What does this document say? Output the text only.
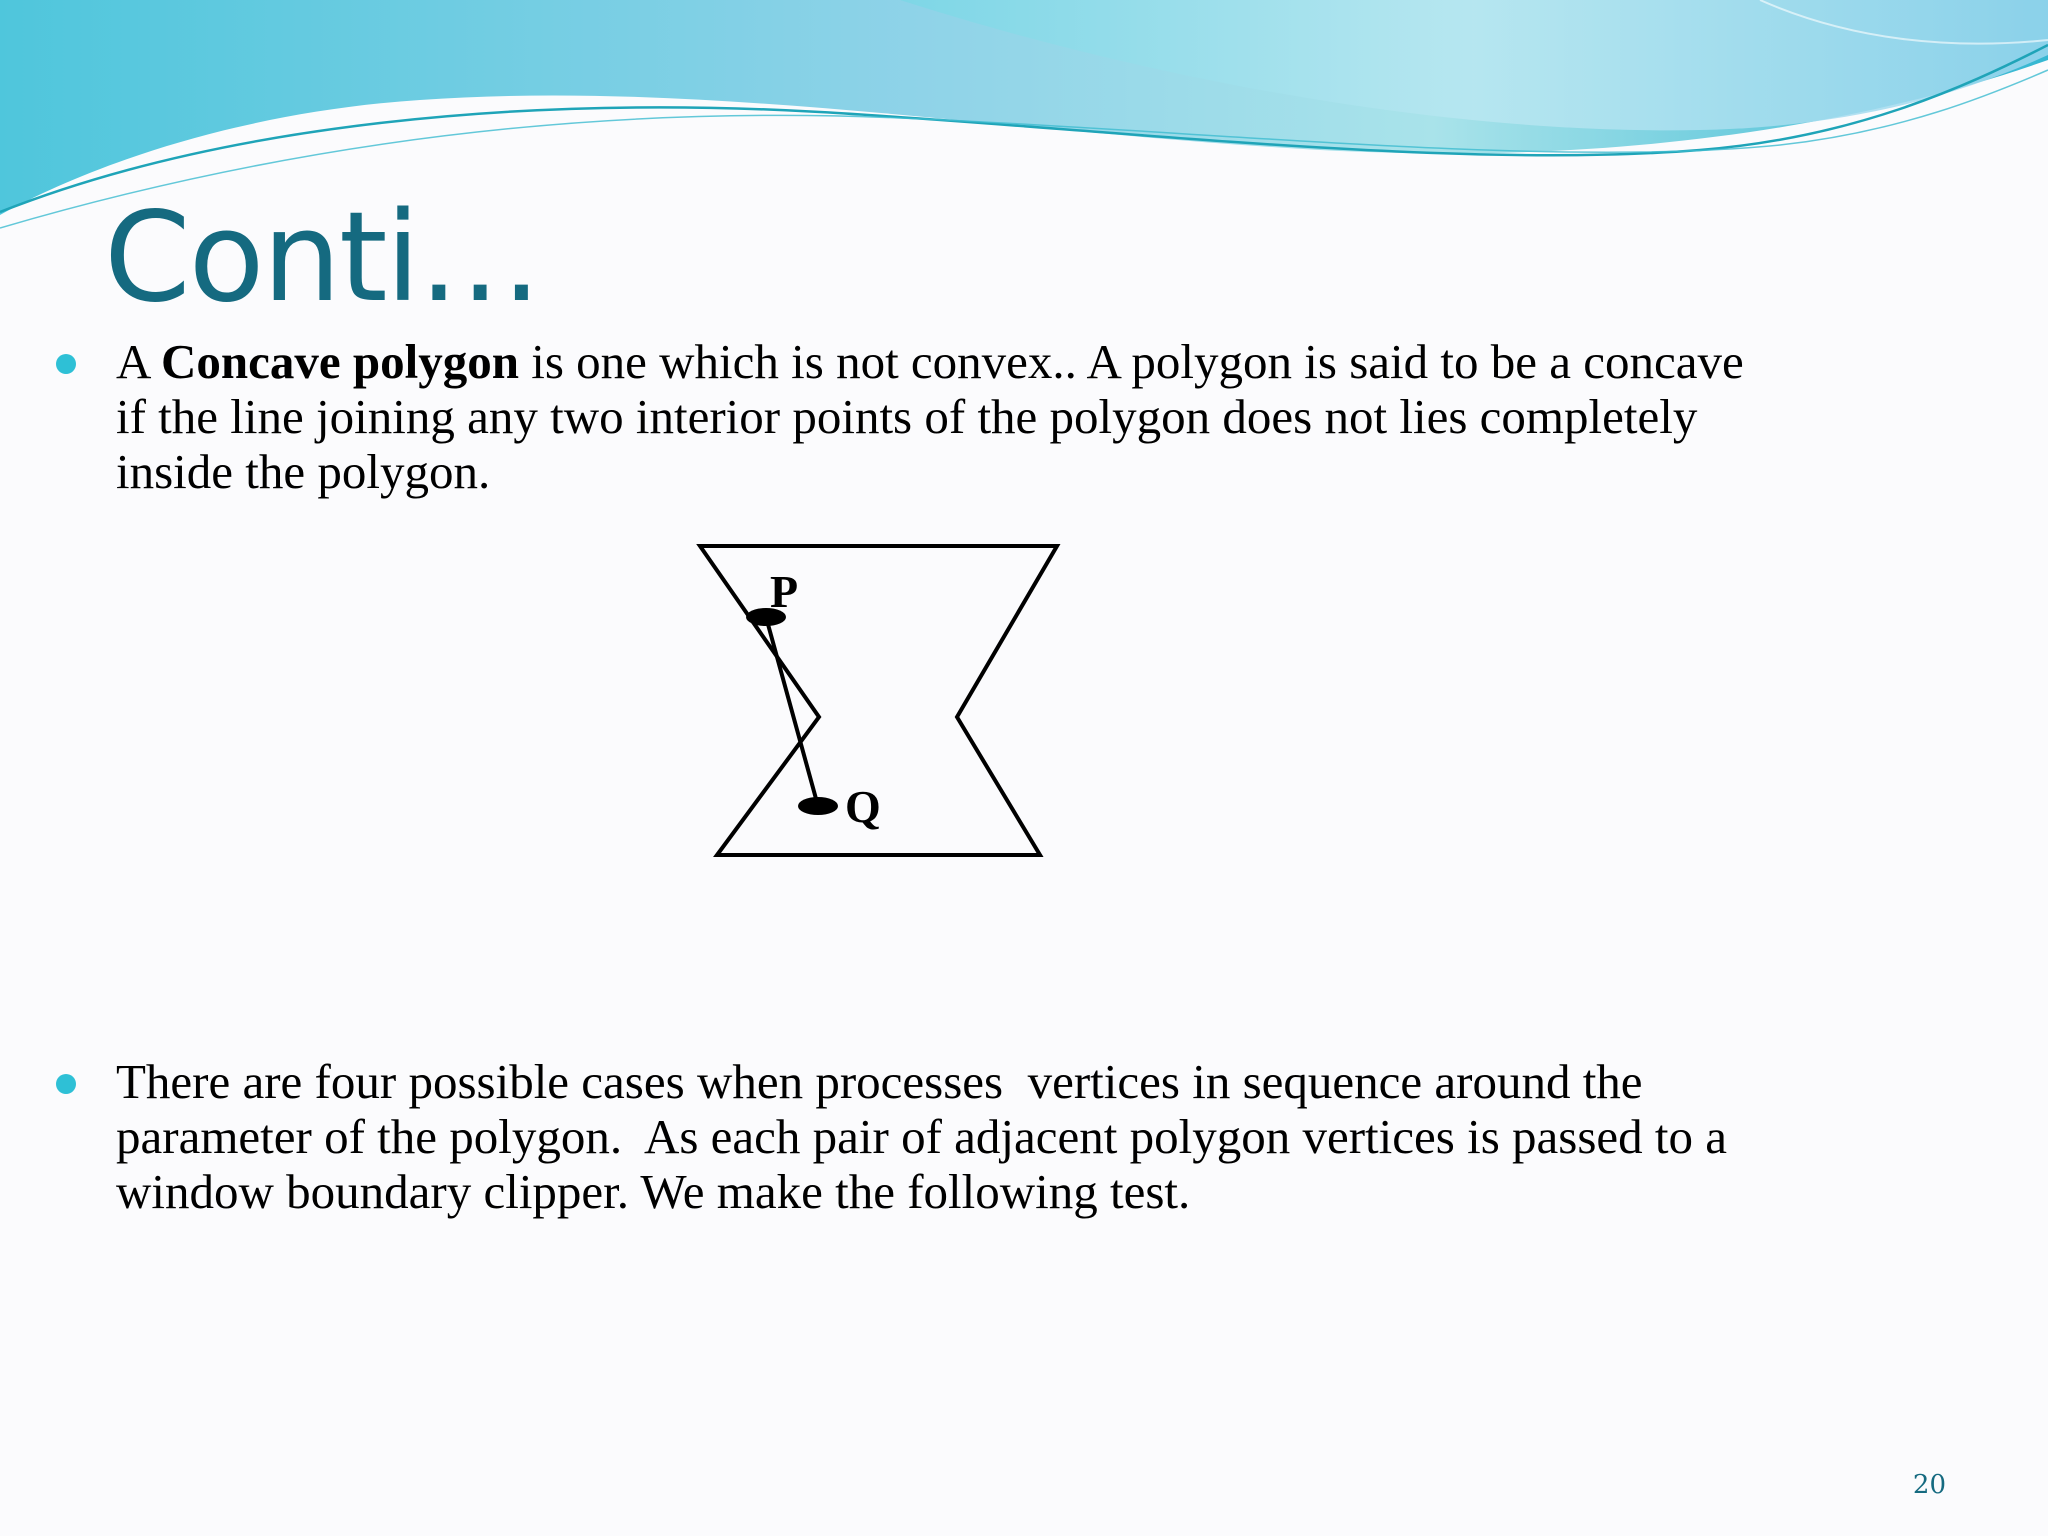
Conti…
A Concave polygon is one which is not convex.. A polygon is said to be a concave
if the line joining any two interior points of the polygon does not lies completely
inside the polygon.
P
Q
There are four possible cases when processes  vertices in sequence around the
parameter of the polygon.  As each pair of adjacent polygon vertices is passed to a
window boundary clipper. We make the following test.
20
